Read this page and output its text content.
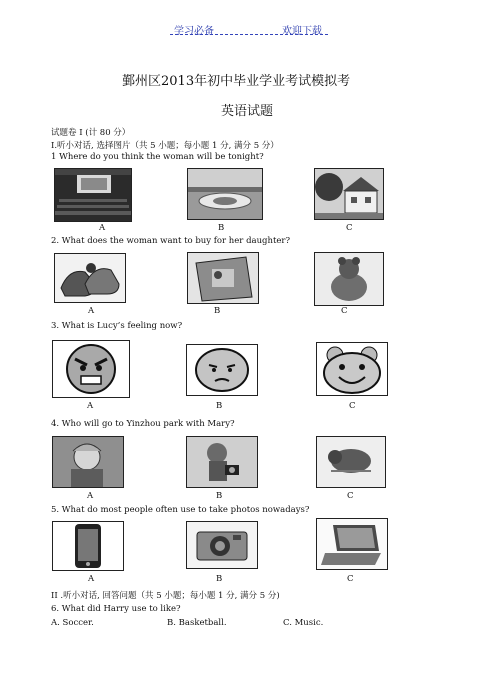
学习必备	欢迎下载
鄞州区2013年初中毕业学业考试模拟考
英语试题
试题卷 I (计 80 分）
I.听小对话, 选择图片（共 5 小题；每小题 1 分, 满分 5 分）
1 Where do you think the woman will be tonight?
A	B	C
2. What does the woman want to buy for her daughter?
A	B	C
3. What is Lucy’s feeling now?
A	B	C
4. Who will go to Yinzhou park with Mary?
A	B	C
5. What do most people often use to take photos nowadays?
A	B	C
II .听小对话, 回答问题（共 5 小题；每小题 1 分, 满分 5 分)
6. What did Harry use to like?
A. Soccer.	B. Basketball.	C. Music.
